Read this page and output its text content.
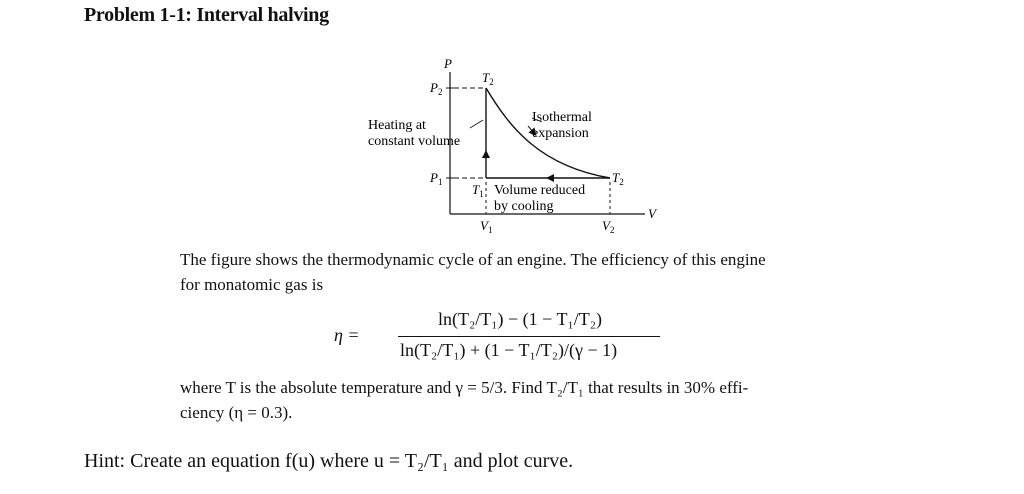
Problem 1-1: Interval halving
P
V
$P_2$
$P_1$
$T_2$
$T_2$
$T_1$
$V_1$	$V_2$
Heating at constant volume
Isothermal expansion
Volume reduced by cooling
The figure shows the thermodynamic cycle of an engine. The efficiency of this engine
for monatomic gas is
η =
ln(T₂/T₁) − (1 − T₁/T₂)
ln(T₂/T₁) + (1 − T₁/T₂)/(γ − 1)
where T is the absolute temperature and γ = 5/3. Find T₂/T₁ that results in 30% effi-
ciency (η = 0.3).
Hint: Create an equation f(u) where u = T₂/T₁ and plot curve.
